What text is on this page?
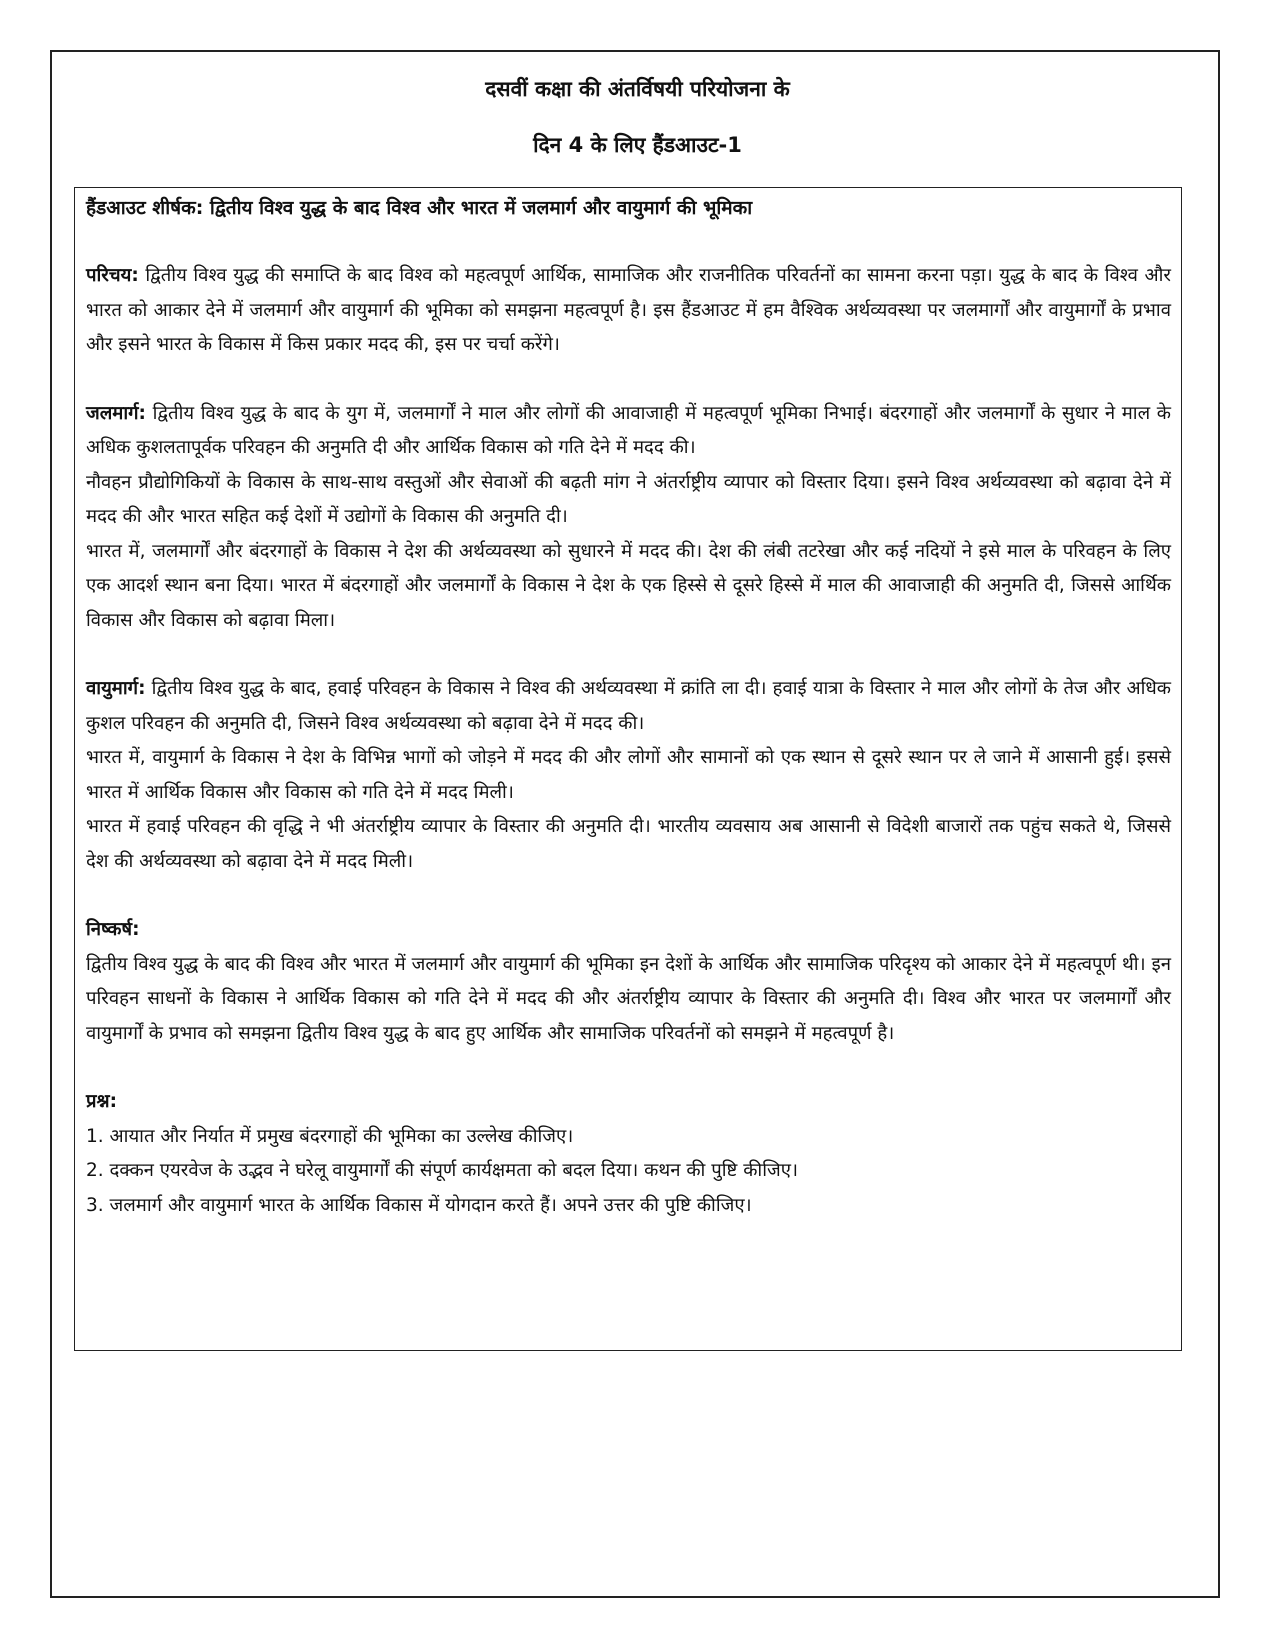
दसवीं कक्षा की अंतर्विषयी परियोजना के
दिन 4 के लिए हैंडआउट-1

हैंडआउट शीर्षक: द्वितीय विश्व युद्ध के बाद विश्व और भारत में जलमार्ग और वायुमार्ग की भूमिका

परिचय: द्वितीय विश्व युद्ध की समाप्ति के बाद विश्व को महत्वपूर्ण आर्थिक, सामाजिक और राजनीतिक परिवर्तनों का सामना करना पड़ा। युद्ध के बाद के विश्व और भारत को आकार देने में जलमार्ग और वायुमार्ग की भूमिका को समझना महत्वपूर्ण है। इस हैंडआउट में हम वैश्विक अर्थव्यवस्था पर जलमार्गों और वायुमार्गों के प्रभाव और इसने भारत के विकास में किस प्रकार मदद की, इस पर चर्चा करेंगे।

जलमार्ग: द्वितीय विश्व युद्ध के बाद के युग में, जलमार्गों ने माल और लोगों की आवाजाही में महत्वपूर्ण भूमिका निभाई। बंदरगाहों और जलमार्गों के सुधार ने माल के अधिक कुशलतापूर्वक परिवहन की अनुमति दी और आर्थिक विकास को गति देने में मदद की।

नौवहन प्रौद्योगिकियों के विकास के साथ-साथ वस्तुओं और सेवाओं की बढ़ती मांग ने अंतर्राष्ट्रीय व्यापार को विस्तार दिया। इसने विश्व अर्थव्यवस्था को बढ़ावा देने में मदद की और भारत सहित कई देशों में उद्योगों के विकास की अनुमति दी।

भारत में, जलमार्गों और बंदरगाहों के विकास ने देश की अर्थव्यवस्था को सुधारने में मदद की। देश की लंबी तटरेखा और कई नदियों ने इसे माल के परिवहन के लिए एक आदर्श स्थान बना दिया। भारत में बंदरगाहों और जलमार्गों के विकास ने देश के एक हिस्से से दूसरे हिस्से में माल की आवाजाही की अनुमति दी, जिससे आर्थिक विकास और विकास को बढ़ावा मिला।

वायुमार्ग: द्वितीय विश्व युद्ध के बाद, हवाई परिवहन के विकास ने विश्व की अर्थव्यवस्था में क्रांति ला दी। हवाई यात्रा के विस्तार ने माल और लोगों के तेज और अधिक कुशल परिवहन की अनुमति दी, जिसने विश्व अर्थव्यवस्था को बढ़ावा देने में मदद की।

भारत में, वायुमार्ग के विकास ने देश के विभिन्न भागों को जोड़ने में मदद की और लोगों और सामानों को एक स्थान से दूसरे स्थान पर ले जाने में आसानी हुई। इससे भारत में आर्थिक विकास और विकास को गति देने में मदद मिली।

भारत में हवाई परिवहन की वृद्धि ने भी अंतर्राष्ट्रीय व्यापार के विस्तार की अनुमति दी। भारतीय व्यवसाय अब आसानी से विदेशी बाजारों तक पहुंच सकते थे, जिससे देश की अर्थव्यवस्था को बढ़ावा देने में मदद मिली।

निष्कर्ष:

द्वितीय विश्व युद्ध के बाद की विश्व और भारत में जलमार्ग और वायुमार्ग की भूमिका इन देशों के आर्थिक और सामाजिक परिदृश्य को आकार देने में महत्वपूर्ण थी। इन परिवहन साधनों के विकास ने आर्थिक विकास को गति देने में मदद की और अंतर्राष्ट्रीय व्यापार के विस्तार की अनुमति दी। विश्व और भारत पर जलमार्गों और वायुमार्गों के प्रभाव को समझना द्वितीय विश्व युद्ध के बाद हुए आर्थिक और सामाजिक परिवर्तनों को समझने में महत्वपूर्ण है।

प्रश्न:

1. आयात और निर्यात में प्रमुख बंदरगाहों की भूमिका का उल्लेख कीजिए।
2. दक्कन एयरवेज के उद्भव ने घरेलू वायुमार्गों की संपूर्ण कार्यक्षमता को बदल दिया। कथन की पुष्टि कीजिए।
3. जलमार्ग और वायुमार्ग भारत के आर्थिक विकास में योगदान करते हैं। अपने उत्तर की पुष्टि कीजिए।
